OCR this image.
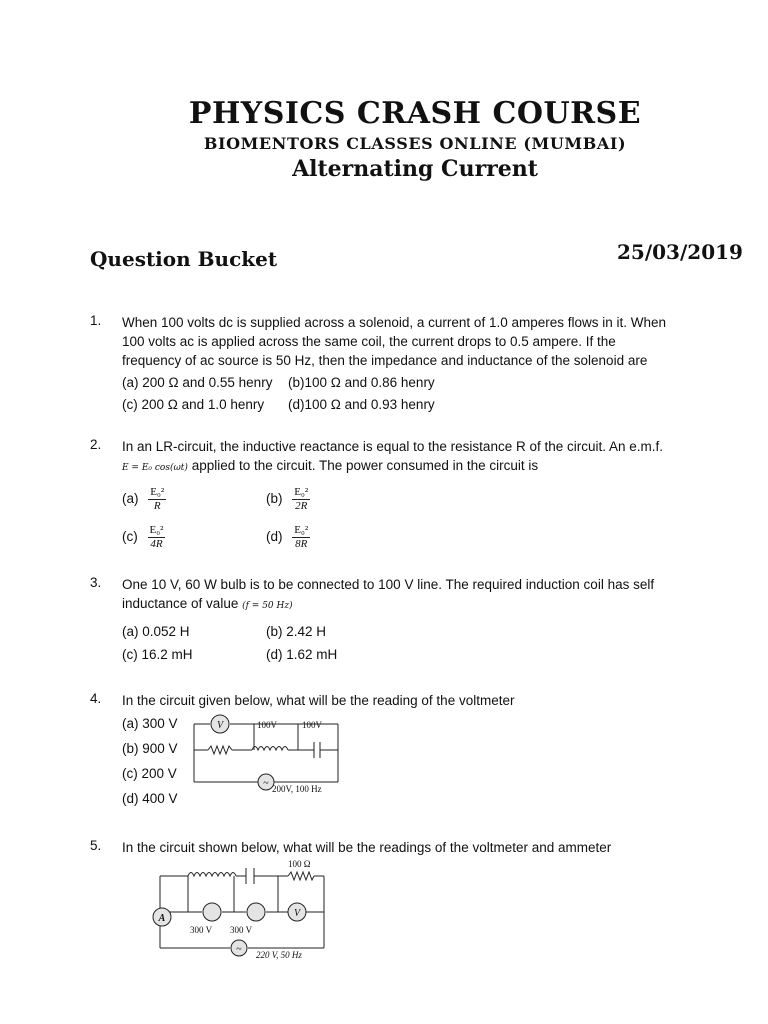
PHYSICS CRASH COURSE
BIOMENTORS CLASSES ONLINE (MUMBAI)
Alternating Current
Question Bucket	25/03/2019
1. When 100 volts dc is supplied across a solenoid, a current of 1.0 amperes flows in it. When
100 volts ac is applied across the same coil, the current drops to 0.5 ampere. If the
frequency of ac source is 50 Hz, then the impedance and inductance of the solenoid are
(a) 200 Ω and 0.55 henry (b)100 Ω and 0.86 henry
(c) 200 Ω and 1.0 henry (d)100 Ω and 0.93 henry
2. In an LR-circuit, the inductive reactance is equal to the resistance R of the circuit. An e.m.f.
E = E₀ cos(ωt) applied to the circuit. The power consumed in the circuit is
$(a) \frac{\text{E₀²}}{R}$	$(b) \frac{\text{E₀²}}{2R}$
$(c) \frac{\text{E₀²}}{4R}$	$(d) \frac{\text{E₀²}}{8R}$
3. One 10 V, 60 W bulb is to be connected to 100 V line. The required induction coil has self
inductance of value (f = 50 Hz)
(a) 0.052 H	(b) 2.42 H
(c) 16.2 mH	(d) 1.62 mH
4. In the circuit given below, what will be the reading of the voltmeter
(a) 300 V
(b) 900 V
(c) 200 V
(d) 400 V
V
~
100V	100V
200V, 100 Hz
5. In the circuit shown below, what will be the readings of the voltmeter and ammeter
A	V
~
100 Ω
300 V 300 V
220 V, 50 Hz
